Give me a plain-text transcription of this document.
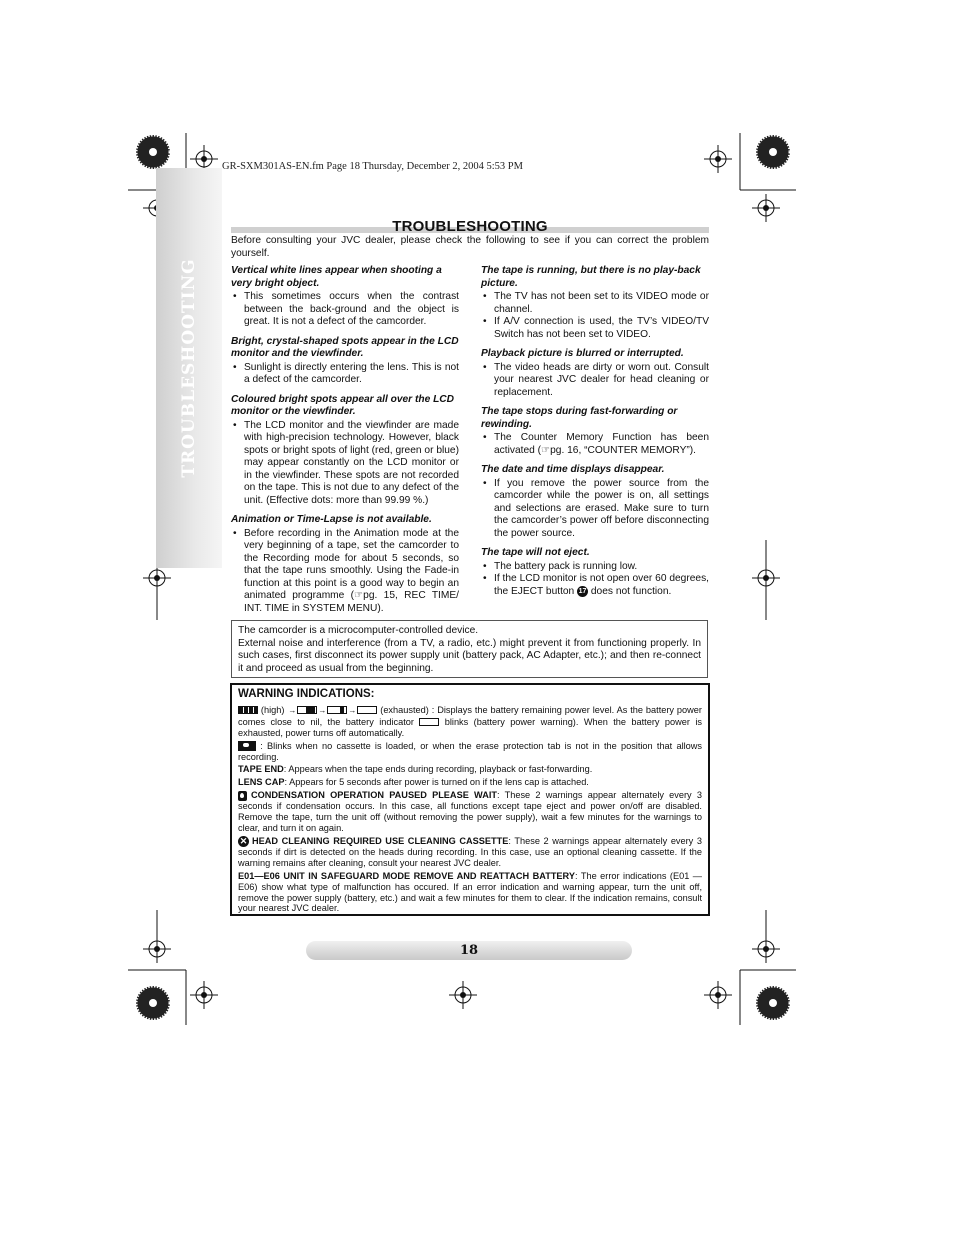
GR-SXM301AS-EN.fm Page 18 Thursday, December 2, 2004 5:53 PM
TROUBLESHOOTING
TROUBLESHOOTING
Before consulting your JVC dealer, please check the following to see if you can correct the problem yourself.
Vertical white lines appear when shooting a very bright object.
• This sometimes occurs when the contrast between the back-ground and the object is great. It is not a defect of the camcorder.
Bright, crystal-shaped spots appear in the LCD monitor and the viewfinder.
• Sunlight is directly entering the lens. This is not a defect of the camcorder.
Coloured bright spots appear all over the LCD monitor or the viewfinder.
• The LCD monitor and the viewfinder are made with high-precision technology. However, black spots or bright spots of light (red, green or blue) may appear constantly on the LCD monitor or in the viewfinder. These spots are not recorded on the tape. This is not due to any defect of the unit. (Effective dots: more than 99.99 %.)
Animation or Time-Lapse is not available.
• Before recording in the Animation mode at the very beginning of a tape, set the camcorder to the Recording mode for about 5 seconds, so that the tape runs smoothly. Using the Fade-in function at this point is a good way to begin an animated programme (☞pg. 15, REC TIME/ INT. TIME in SYSTEM MENU).
The tape is running, but there is no play-back picture.
• The TV has not been set to its VIDEO mode or channel.
• If A/V connection is used, the TV’s VIDEO/TV Switch has not been set to VIDEO.
Playback picture is blurred or interrupted.
• The video heads are dirty or worn out. Consult your nearest JVC dealer for head cleaning or replacement.
The tape stops during fast-forwarding or rewinding.
• The Counter Memory Function has been activated (☞pg. 16, “COUNTER MEMORY”).
The date and time displays disappear.
• If you remove the power source from the camcorder while the power is on, all settings and selections are erased. Make sure to turn the camcorder’s power off before disconnecting the power source.
The tape will not eject.
• The battery pack is running low.
• If the LCD monitor is not open over 60 degrees, the EJECT button 17 does not function.

The camcorder is a microcomputer-controlled device.

External noise and interference (from a TV, a radio, etc.) might prevent it from functioning properly. In such cases, first disconnect its power supply unit (battery pack, AC Adapter, etc.); and then re-connect it and proceed as usual from the beginning.

WARNING INDICATIONS:

(high) →	→	→	(exhausted) : Displays the battery remaining power level. As the battery power comes close to nil, the battery indicator	blinks (battery power warning). When the battery power is exhausted, power turns off automatically.

: Blinks when no cassette is loaded, or when the erase protection tab is not in the position that allows recording.

TAPE END: Appears when the tape ends during recording, playback or fast-forwarding.

LENS CAP: Appears for 5 seconds after power is turned on if the lens cap is attached.

CONDENSATION OPERATION PAUSED PLEASE WAIT: These 2 warnings appear alternately every 3 seconds if condensation occurs. In this case, all functions except tape eject and power on/off are disabled. Remove the tape, turn the unit off (without removing the power supply), wait a few minutes for the warnings to clear, and turn it on again.

✕ HEAD CLEANING REQUIRED USE CLEANING CASSETTE: These 2 warnings appear alternately every 3 seconds if dirt is detected on the heads during recording. In this case, use an optional cleaning cassette. If the warning remains after cleaning, consult your nearest JVC dealer.

E01—E06 UNIT IN SAFEGUARD MODE REMOVE AND REATTACH BATTERY: The error indications (E01 — E06) show what type of malfunction has occured. If an error indication and warning appear, turn the unit off, remove the power supply (battery, etc.) and wait a few minutes for them to clear. If the indication remains, consult your nearest JVC dealer.

18
